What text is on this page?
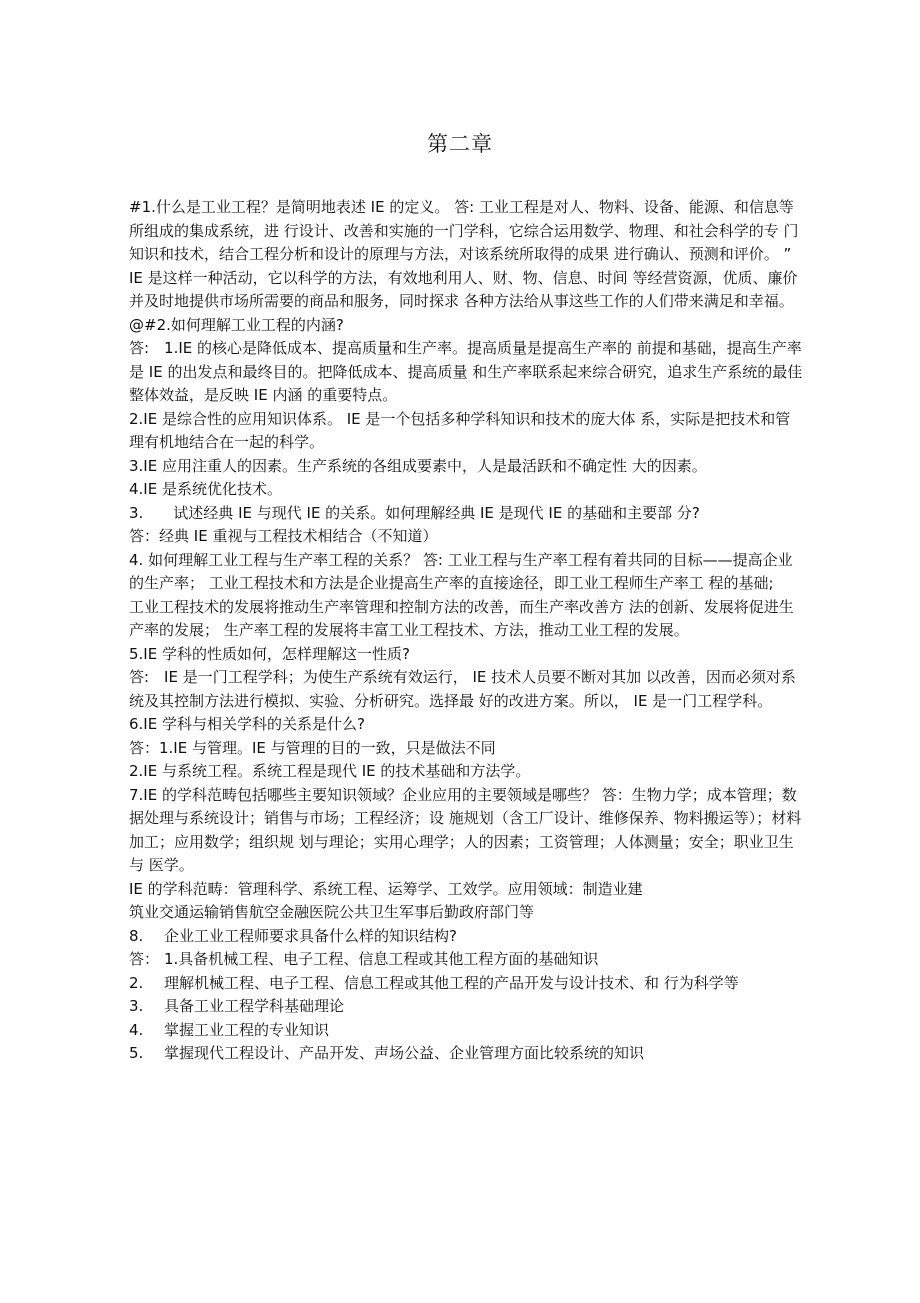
第二章

#1.什么是工业工程？是简明地表述 IE 的定义。 答: 工业工程是对人、物料、设备、能源、和信息等所组成的集成系统，进 行设计、改善和实施的一门学科，它综合运用数学、物理、和社会科学的专 门知识和技术，结合工程分析和设计的原理与方法，对该系统所取得的成果 进行确认、预测和评价。 ”

IE 是这样一种活动，它以科学的方法，有效地利用人、财、物、信息、时间 等经营资源，优质、廉价并及时地提供市场所需要的商品和服务，同时探求 各种方法给从事这些工作的人们带来满足和幸福。

@#2.如何理解工业工程的内涵?

答:　1.IE 的核心是降低成本、提高质量和生产率。提高质量是提高生产率的 前提和基础，提高生产率是 IE 的出发点和最终目的。把降低成本、提高质量 和生产率联系起来综合研究，追求生产系统的最佳整体效益，是反映 IE 内涵 的重要特点。

2.IE 是综合性的应用知识体系。 IE 是一个包括多种学科知识和技术的庞大体 系，实际是把技术和管理有机地结合在一起的科学。

3.IE 应用注重人的因素。生产系统的各组成要素中，人是最活跃和不确定性 大的因素。

4.IE 是系统优化技术。

3.　　试述经典 IE 与现代 IE 的关系。如何理解经典 IE 是现代 IE 的基础和主要部 分?

答：经典 IE 重视与工程技术相结合（不知道）

4. 如何理解工业工程与生产率工程的关系？ 答: 工业工程与生产率工程有着共同的目标——提高企业的生产率； 工业工程技术和方法是企业提高生产率的直接途径，即工业工程师生产率工 程的基础;

工业工程技术的发展将推动生产率管理和控制方法的改善，而生产率改善方 法的创新、发展将促进生产率的发展； 生产率工程的发展将丰富工业工程技术、方法，推动工业工程的发展。

5.IE 学科的性质如何，怎样理解这一性质?

答:　IE 是一门工程学科；为使生产系统有效运行， IE 技术人员要不断对其加 以改善，因而必须对系统及其控制方法进行模拟、实验、分析研究。选择最 好的改进方案。所以， IE 是一门工程学科。

6.IE 学科与相关学科的关系是什么?

答：1.IE 与管理。IE 与管理的目的一致，只是做法不同

2.IE 与系统工程。系统工程是现代 IE 的技术基础和方法学。

7.IE 的学科范畴包括哪些主要知识领域？企业应用的主要领域是哪些？ 答：生物力学；成本管理；数据处理与系统设计；销售与市场；工程经济；设 施规划（含工厂设计、维修保养、物料搬运等）；材料加工；应用数学；组织规 划与理论；实用心理学；人的因素；工资管理；人体测量；安全；职业卫生与 医学。

IE 的学科范畴：管理科学、系统工程、运筹学、工效学。应用领域：制造业建

筑业交通运输销售航空金融医院公共卫生军事后勤政府部门等

8.	企业工业工程师要求具备什么样的知识结构?
答： 1.具备机械工程、电子工程、信息工程或其他工程方面的基础知识
2.	理解机械工程、电子工程、信息工程或其他工程的产品开发与设计技术、和 行为科学等
3.	具备工业工程学科基础理论
4.	掌握工业工程的专业知识
5.	掌握现代工程设计、产品开发、声场公益、企业管理方面比较系统的知识
